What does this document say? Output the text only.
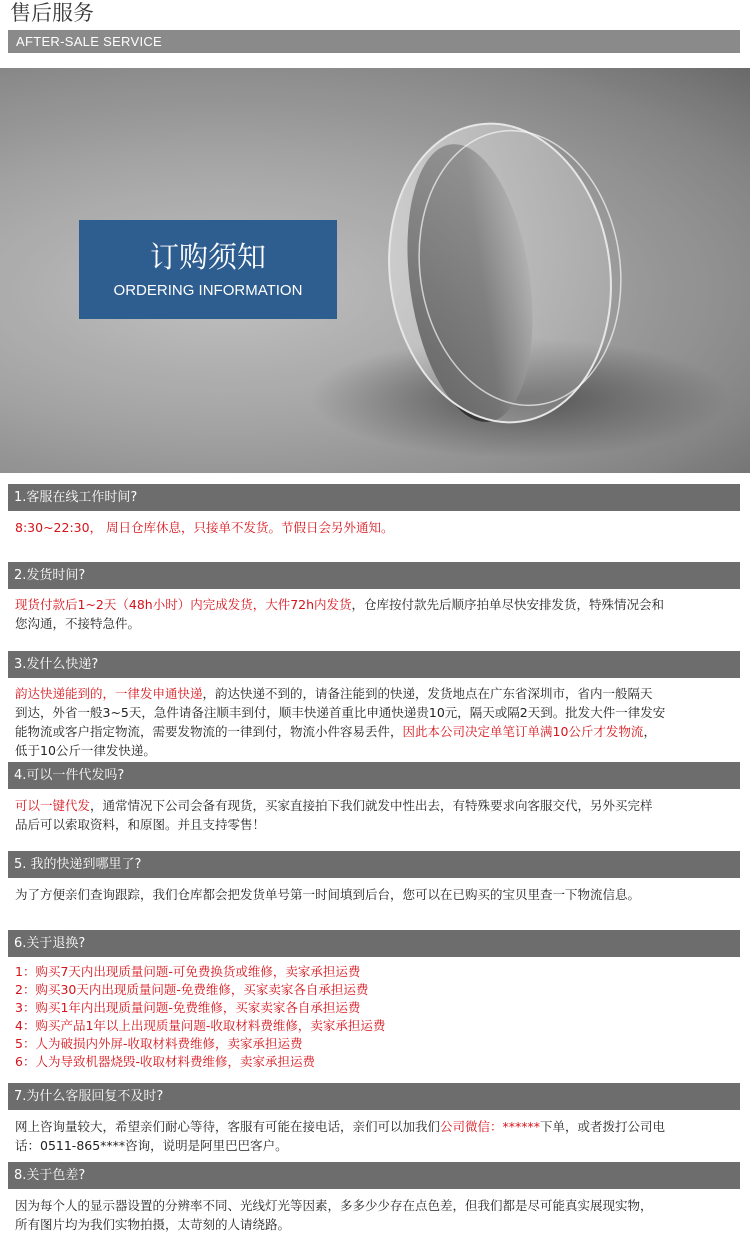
售后服务
AFTER-SALE SERVICE
订购须知
ORDERING INFORMATION
1.客服在线工作时间?
8:30~22:30， 周日仓库休息，只接单不发货。节假日会另外通知。
2.发货时间?
现货付款后1~2天（48h小时）内完成发货，大件72h内发货，仓库按付款先后顺序拍单尽快安排发货，特殊情况会和
您沟通，不接特急件。
3.发什么快递?
韵达快递能到的，一律发申通快递，韵达快递不到的，请备注能到的快递，发货地点在广东省深圳市，省内一般隔天
到达，外省一般3~5天，急件请备注顺丰到付，顺丰快递首重比申通快递贵10元，隔天或隔2天到。批发大件一律发安
能物流或客户指定物流，需要发物流的一律到付，物流小件容易丢件，因此本公司决定单笔订单满10公斤才发物流，
低于10公斤一律发快递。
4.可以一件代发吗?
可以一键代发，通常情况下公司会备有现货，买家直接拍下我们就发中性出去，有特殊要求向客服交代，另外买完样
品后可以索取资料，和原图。并且支持零售！
5. 我的快递到哪里了?
为了方便亲们查询跟踪，我们仓库都会把发货单号第一时间填到后台，您可以在已购买的宝贝里查一下物流信息。
6.关于退换?
1：购买7天内出现质量问题-可免费换货或维修，卖家承担运费
2：购买30天内出现质量问题-免费维修，买家卖家各自承担运费
3：购买1年内出现质量问题-免费维修，买家卖家各自承担运费
4：购买产品1年以上出现质量问题-收取材料费维修，卖家承担运费
5：人为破损内外屏-收取材料费维修，卖家承担运费
6：人为导致机器烧毁-收取材料费维修，卖家承担运费
7.为什么客服回复不及时?
网上咨询量较大，希望亲们耐心等待，客服有可能在接电话，亲们可以加我们公司微信：******下单，或者拨打公司电
话：0511-865****咨询，说明是阿里巴巴客户。
8.关于色差?
因为每个人的显示器设置的分辨率不同、光线灯光等因素，多多少少存在点色差，但我们都是尽可能真实展现实物，
所有图片均为我们实物拍摄，太苛刻的人请绕路。
